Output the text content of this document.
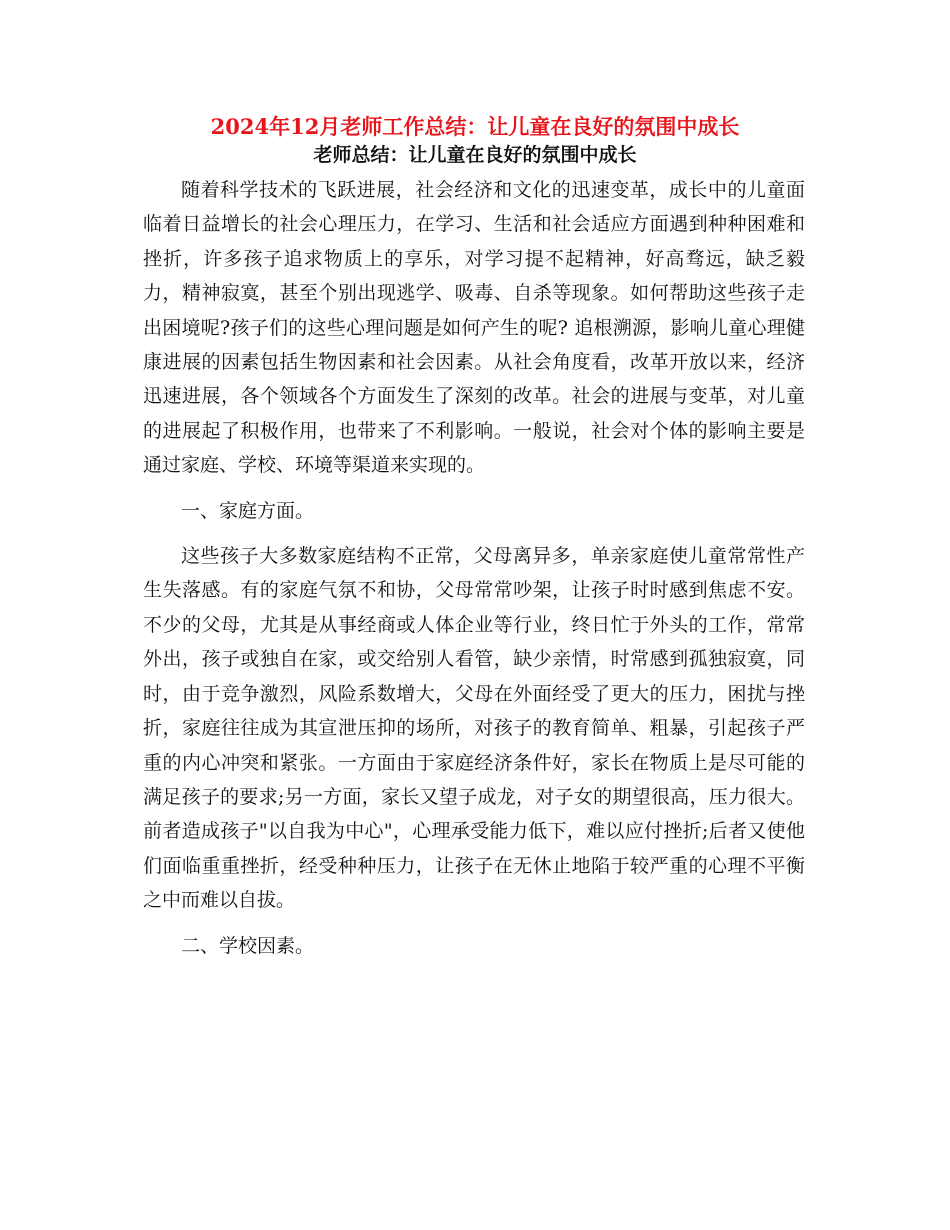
2024年12月老师工作总结：让儿童在良好的氛围中成长
老师总结：让儿童在良好的氛围中成长

随着科学技术的飞跃进展，社会经济和文化的迅速变革，成长中的儿童面临着日益增长的社会心理压力，在学习、生活和社会适应方面遇到种种困难和挫折，许多孩子追求物质上的享乐，对学习提不起精神，好高骛远，缺乏毅力，精神寂寞，甚至个别出现逃学、吸毒、自杀等现象。如何帮助这些孩子走出困境呢?孩子们的这些心理问题是如何产生的呢? 追根溯源，影响儿童心理健康进展的因素包括生物因素和社会因素。从社会角度看，改革开放以来，经济迅速进展，各个领域各个方面发生了深刻的改革。社会的进展与变革，对儿童的进展起了积极作用，也带来了不利影响。一般说，社会对个体的影响主要是通过家庭、学校、环境等渠道来实现的。

一、家庭方面。

这些孩子大多数家庭结构不正常，父母离异多，单亲家庭使儿童常常性产生失落感。有的家庭气氛不和协，父母常常吵架，让孩子时时感到焦虑不安。不少的父母，尤其是从事经商或人体企业等行业，终日忙于外头的工作，常常外出，孩子或独自在家，或交给别人看管，缺少亲情，时常感到孤独寂寞，同时，由于竞争激烈，风险系数增大，父母在外面经受了更大的压力，困扰与挫折，家庭往往成为其宣泄压抑的场所，对孩子的教育简单、粗暴，引起孩子严重的内心冲突和紧张。一方面由于家庭经济条件好，家长在物质上是尽可能的满足孩子的要求;另一方面，家长又望子成龙，对子女的期望很高，压力很大。前者造成孩子"以自我为中心"，心理承受能力低下，难以应付挫折;后者又使他们面临重重挫折，经受种种压力，让孩子在无休止地陷于较严重的心理不平衡之中而难以自拔。

二、学校因素。
